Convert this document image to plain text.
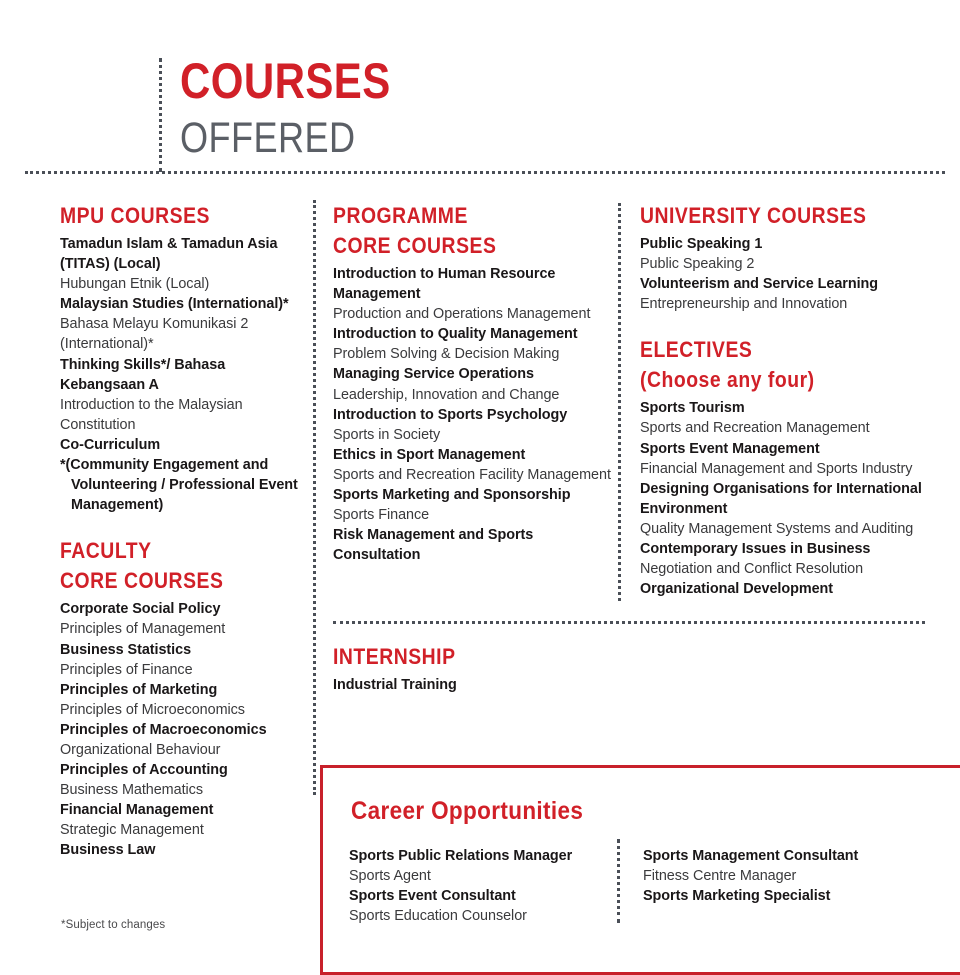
COURSES
OFFERED
MPU COURSES
Tamadun Islam & Tamadun Asia (TITAS) (Local)
Hubungan Etnik (Local)
Malaysian Studies (International)*
Bahasa Melayu Komunikasi 2 (International)*
Thinking Skills*/ Bahasa Kebangsaan A
Introduction to the Malaysian Constitution
Co-Curriculum
*(Community Engagement and Volunteering / Professional Event Management)
FACULTY
CORE COURSES
Corporate Social Policy
Principles of Management
Business Statistics
Principles of Finance
Principles of Marketing
Principles of Microeconomics
Principles of Macroeconomics
Organizational Behaviour
Principles of Accounting
Business Mathematics
Financial Management
Strategic Management
Business Law
PROGRAMME
CORE COURSES
Introduction to Human Resource Management
Production and Operations Management
Introduction to Quality Management
Problem Solving & Decision Making
Managing Service Operations
Leadership, Innovation and Change
Introduction to Sports Psychology
Sports in Society
Ethics in Sport Management
Sports and Recreation Facility Management
Sports Marketing and Sponsorship
Sports Finance
Risk Management and Sports Consultation
UNIVERSITY COURSES
Public Speaking 1
Public Speaking 2
Volunteerism and Service Learning
Entrepreneurship and Innovation
ELECTIVES
(Choose any four)
Sports Tourism
Sports and Recreation Management
Sports Event Management
Financial Management and Sports Industry
Designing Organisations for International Environment
Quality Management Systems and Auditing
Contemporary Issues in Business
Negotiation and Conflict Resolution
Organizational Development
INTERNSHIP
Industrial Training
Career Opportunities
Sports Public Relations Manager
Sports Agent
Sports Event Consultant
Sports Education Counselor
Sports Management Consultant
Fitness Centre Manager
Sports Marketing Specialist
*Subject to changes
